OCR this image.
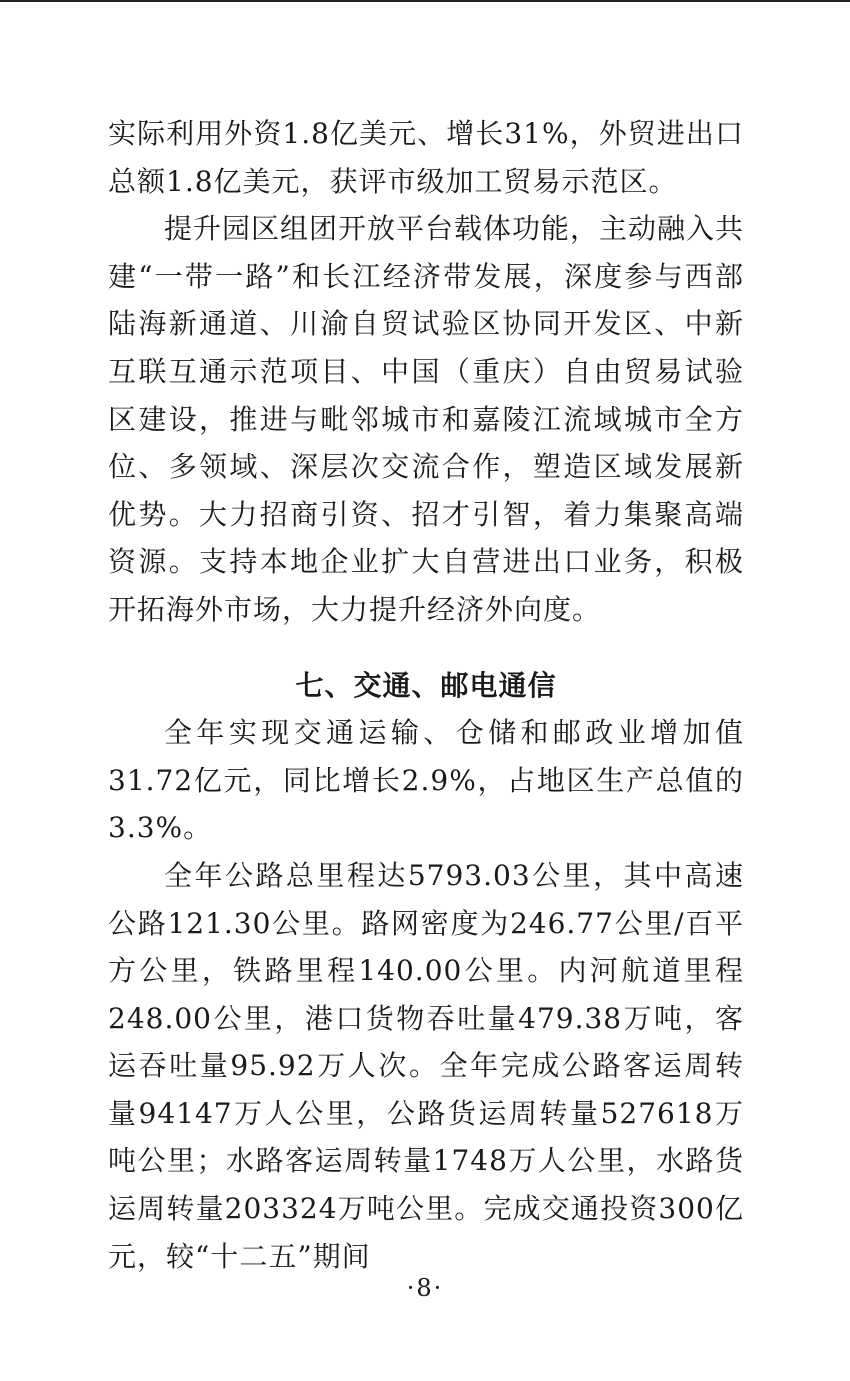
实际利用外资1.8亿美元、增长31%，外贸进出口总额1.8亿美元，获评市级加工贸易示范区。

提升园区组团开放平台载体功能，主动融入共建“一带一路”和长江经济带发展，深度参与西部陆海新通道、川渝自贸试验区协同开发区、中新互联互通示范项目、中国（重庆）自由贸易试验区建设，推进与毗邻城市和嘉陵江流域城市全方位、多领域、深层次交流合作，塑造区域发展新优势。大力招商引资、招才引智，着力集聚高端资源。支持本地企业扩大自营进出口业务，积极开拓海外市场，大力提升经济外向度。

七、交通、邮电通信

全年实现交通运输、仓储和邮政业增加值31.72亿元，同比增长2.9%，占地区生产总值的3.3%。

全年公路总里程达5793.03公里，其中高速公路121.30公里。路网密度为246.77公里/百平方公里，铁路里程140.00公里。内河航道里程248.00公里，港口货物吞吐量479.38万吨，客运吞吐量95.92万人次。全年完成公路客运周转量94147万人公里，公路货运周转量527618万吨公里；水路客运周转量1748万人公里，水路货运周转量203324万吨公里。完成交通投资300亿元，较“十二五”期间

·8·
